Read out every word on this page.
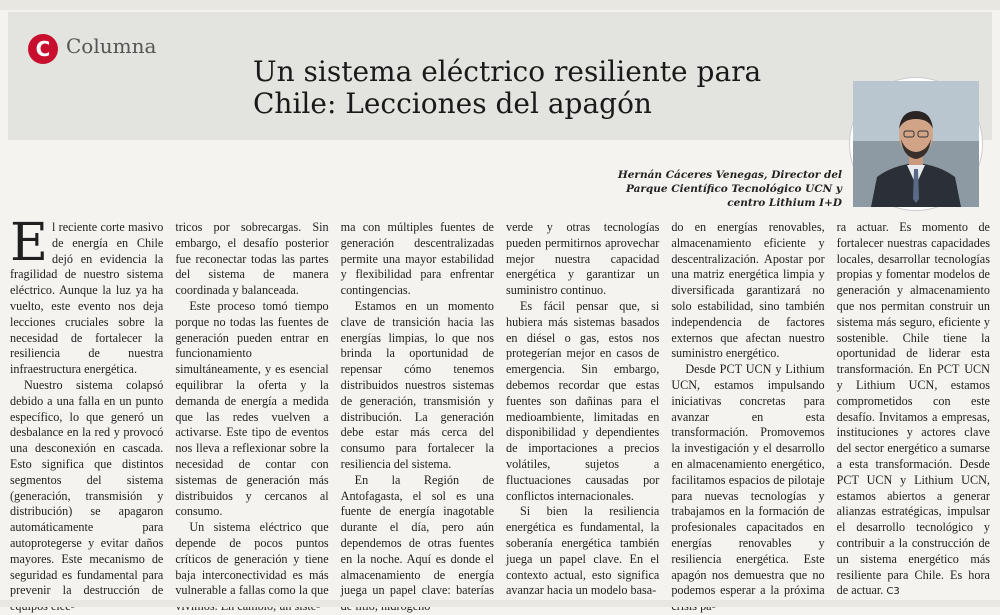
C Columna
Un sistema eléctrico resiliente para Chile: Lecciones del apagón
Hernán Cáceres Venegas, Director del
Parque Científico Tecnológico UCN y
centro Lithium I+D

El reciente corte masivo de energía en Chile dejó en evidencia la fragilidad de nuestro sistema eléctrico. Aunque la luz ya ha vuelto, este evento nos deja lecciones cruciales sobre la necesidad de fortalecer la resiliencia de nuestra infraestructura energética.

Nuestro sistema colapsó debido a una falla en un punto específico, lo que generó un desbalance en la red y provocó una desconexión en cascada. Esto significa que distintos segmentos del sistema (generación, transmisión y distribución) se apagaron automáticamente para autoprotegerse y evitar daños mayores. Este mecanismo de seguridad es fundamental para prevenir la destrucción de

tricos por sobrecargas. Sin embargo, el desafío posterior fue reconectar todas las partes del sistema de manera coordinada y balanceada.

Este proceso tomó tiempo porque no todas las fuentes de generación pueden entrar en funcionamiento simultáneamente, y es esencial equilibrar la oferta y la demanda de energía a medida que las redes vuelven a activarse. Este tipo de eventos nos lleva a reflexionar sobre la necesidad de contar con sistemas de generación más distribuidos y cercanos al consumo.

Un sistema eléctrico que depende de pocos puntos críticos de generación y tiene baja interconectividad es más vulnerable a fallas como la que

ma con múltiples fuentes de generación descentralizadas permite una mayor estabilidad y flexibilidad para enfrentar contingencias.

Estamos en un momento clave de transición hacia las energías limpias, lo que nos brinda la oportunidad de repensar cómo tenemos distribuidos nuestros sistemas de generación, transmisión y distribución. La generación debe estar más cerca del consumo para fortalecer la resiliencia del sistema.

En la Región de Antofagasta, el sol es una fuente de energía inagotable durante el día, pero aún dependemos de otras fuentes en la noche. Aquí es donde el almacenamiento de energía juega un papel clave: baterías

verde y otras tecnologías pueden permitirnos aprovechar mejor nuestra capacidad energética y garantizar un suministro continuo.

Es fácil pensar que, si hubiera más sistemas basados en diésel o gas, estos nos protegerían mejor en casos de emergencia. Sin embargo, debemos recordar que estas fuentes son dañinas para el medioambiente, limitadas en disponibilidad y dependientes de importaciones a precios volátiles, sujetos a fluctuaciones causadas por conflictos internacionales.

Si bien la resiliencia energética es fundamental, la soberanía energética también juega un papel clave. En el contexto actual, esto significa avanzar hacia un modelo basa-

do en energías renovables, almacenamiento eficiente y descentralización. Apostar por una matriz energética limpia y diversificada garantizará no solo estabilidad, sino también independencia de factores externos que afectan nuestro suministro energético.

Desde PCT UCN y Lithium UCN, estamos impulsando iniciativas concretas para avanzar en esta transformación. Promovemos la investigación y el desarrollo en almacenamiento energético, facilitamos espacios de pilotaje para nuevas tecnologías y trabajamos en la formación de profesionales capacitados en energías renovables y resiliencia energética. Este apagón nos demuestra que no podemos esperar a la próxima

ra actuar. Es momento de fortalecer nuestras capacidades locales, desarrollar tecnologías propias y fomentar modelos de generación y almacenamiento que nos permitan construir un sistema más seguro, eficiente y sostenible. Chile tiene la oportunidad de liderar esta transformación. En PCT UCN y Lithium UCN, estamos comprometidos con este desafío. Invitamos a empresas, instituciones y actores clave del sector energético a sumarse a esta transformación. Desde PCT UCN y Lithium UCN, estamos abiertos a generar alianzas estratégicas, impulsar el desarrollo tecnológico y contribuir a la construcción de un sistema energético más resiliente para Chile. Es hora de actuar. C3
